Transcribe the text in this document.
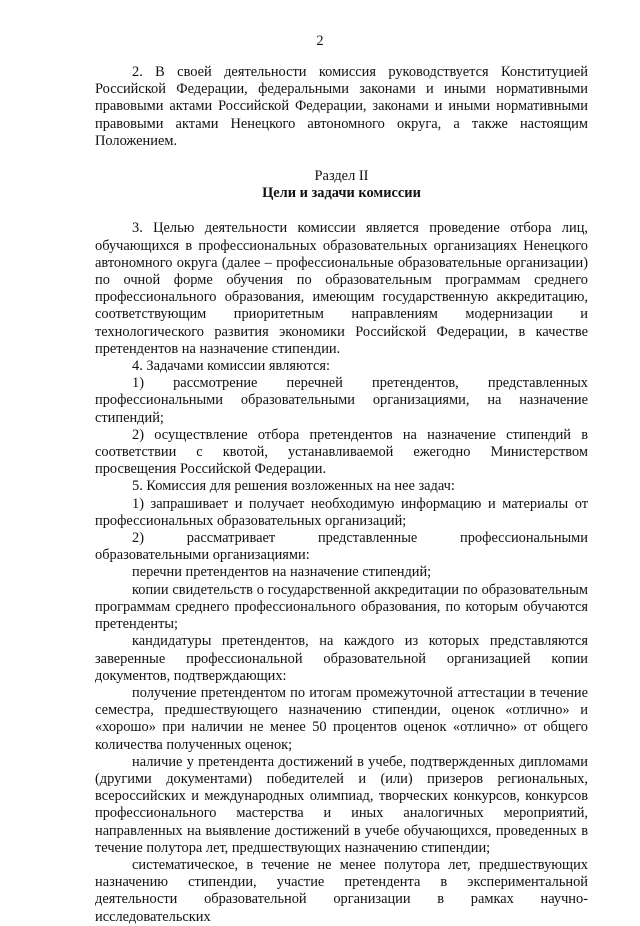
2

2. В своей деятельности комиссия руководствуется Конституцией Российской Федерации, федеральными законами и иными нормативными правовыми актами Российской Федерации, законами и иными нормативными правовыми актами Ненецкого автономного округа, а также настоящим Положением.

Раздел II
Цели и задачи комиссии

3. Целью деятельности комиссии является проведение отбора лиц, обучающихся в профессиональных образовательных организациях Ненецкого автономного округа (далее – профессиональные образовательные организации) по очной форме обучения по образовательным программам среднего профессионального образования, имеющим государственную аккредитацию, соответствующим приоритетным направлениям модернизации и технологического развития экономики Российской Федерации, в качестве претендентов на назначение стипендии.

4. Задачами комиссии являются:

1) рассмотрение перечней претендентов, представленных профессиональными образовательными организациями, на назначение стипендий;

2) осуществление отбора претендентов на назначение стипендий в соответствии с квотой, устанавливаемой ежегодно Министерством просвещения Российской Федерации.

5. Комиссия для решения возложенных на нее задач:

1) запрашивает и получает необходимую информацию и материалы от профессиональных образовательных организаций;

2) рассматривает представленные профессиональными образовательными организациями:

перечни претендентов на назначение стипендий;

копии свидетельств о государственной аккредитации по образовательным программам среднего профессионального образования, по которым обучаются претенденты;

кандидатуры претендентов, на каждого из которых представляются заверенные профессиональной образовательной организацией копии документов, подтверждающих:

получение претендентом по итогам промежуточной аттестации в течение семестра, предшествующего назначению стипендии, оценок «отлично» и «хорошо» при наличии не менее 50 процентов оценок «отлично» от общего количества полученных оценок;

наличие у претендента достижений в учебе, подтвержденных дипломами (другими документами) победителей и (или) призеров региональных, всероссийских и международных олимпиад, творческих конкурсов, конкурсов профессионального мастерства и иных аналогичных мероприятий, направленных на выявление достижений в учебе обучающихся, проведенных в течение полутора лет, предшествующих назначению стипендии;

систематическое, в течение не менее полутора лет, предшествующих назначению стипендии, участие претендента в экспериментальной деятельности образовательной организации в рамках научно-исследовательских
